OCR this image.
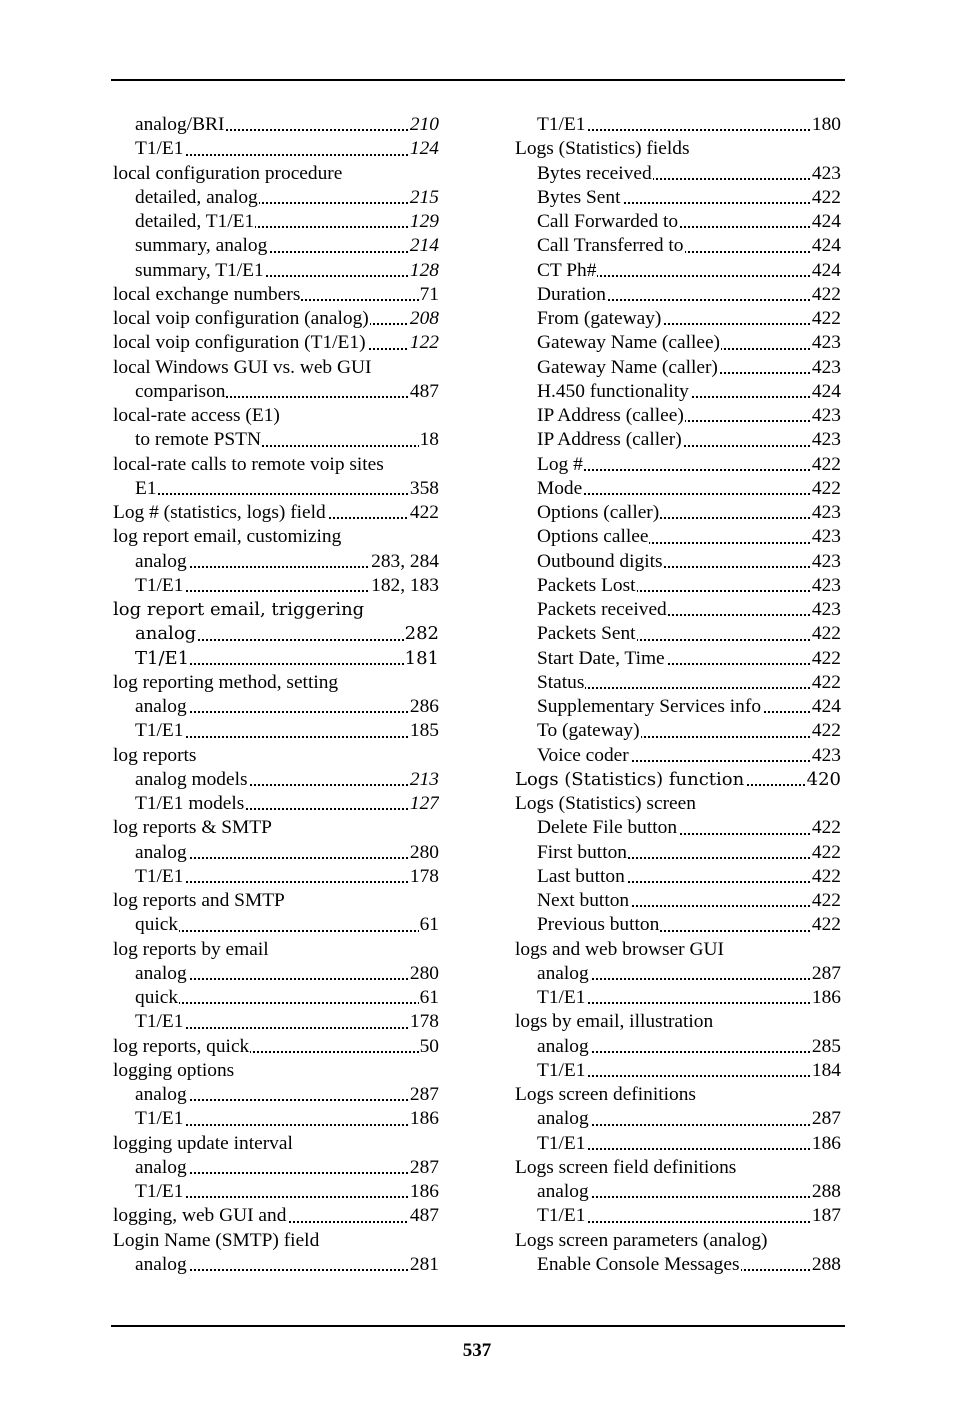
analog/BRI	210
T1/E1	124
local configuration procedure
detailed, analog	215
detailed, T1/E1	129
summary, analog	214
summary, T1/E1	128
local exchange numbers	71
local voip configuration (analog) 208
local voip configuration (T1/E1) 122
local Windows GUI vs. web GUI
comparison	487
local-rate access (E1)
to remote PSTN	18
local-rate calls to remote voip sites
E1	358
Log # (statistics, logs) field	422
log report email, customizing
analog	283, 284
T1/E1	182, 183
log report email, triggering
analog	282
T1/E1	181
log reporting method, setting
analog	286
T1/E1	185
log reports
analog models	213
T1/E1 models	127
log reports & SMTP
analog	280
T1/E1	178
log reports and SMTP
quick	61
log reports by email
analog	280
quick	61
T1/E1	178
log reports, quick	50
logging options
analog	287
T1/E1	186
logging update interval
analog	287
T1/E1	186
logging, web GUI and	487
Login Name (SMTP) field
analog	281
T1/E1	180
Logs (Statistics) fields
Bytes received	423
Bytes Sent	422
Call Forwarded to	424
Call Transferred to	424
CT Ph#	424
Duration	422
From (gateway)	422
Gateway Name (callee)	423
Gateway Name (caller)	423
H.450 functionality	424
IP Address (callee)	423
IP Address (caller)	423
Log #	422
Mode	422
Options (caller)	423
Options callee	423
Outbound digits	423
Packets Lost	423
Packets received	423
Packets Sent	422
Start Date, Time	422
Status	422
Supplementary Services info	424
To (gateway)	422
Voice coder	423
Logs (Statistics) function	420
Logs (Statistics) screen
Delete File button	422
First button	422
Last button	422
Next button	422
Previous button	422
logs and web browser GUI
analog	287
T1/E1	186
logs by email, illustration
analog	285
T1/E1	184
Logs screen definitions
analog	287
T1/E1	186
Logs screen field definitions
analog	288
T1/E1	187
Logs screen parameters (analog)
Enable Console Messages	288
537
